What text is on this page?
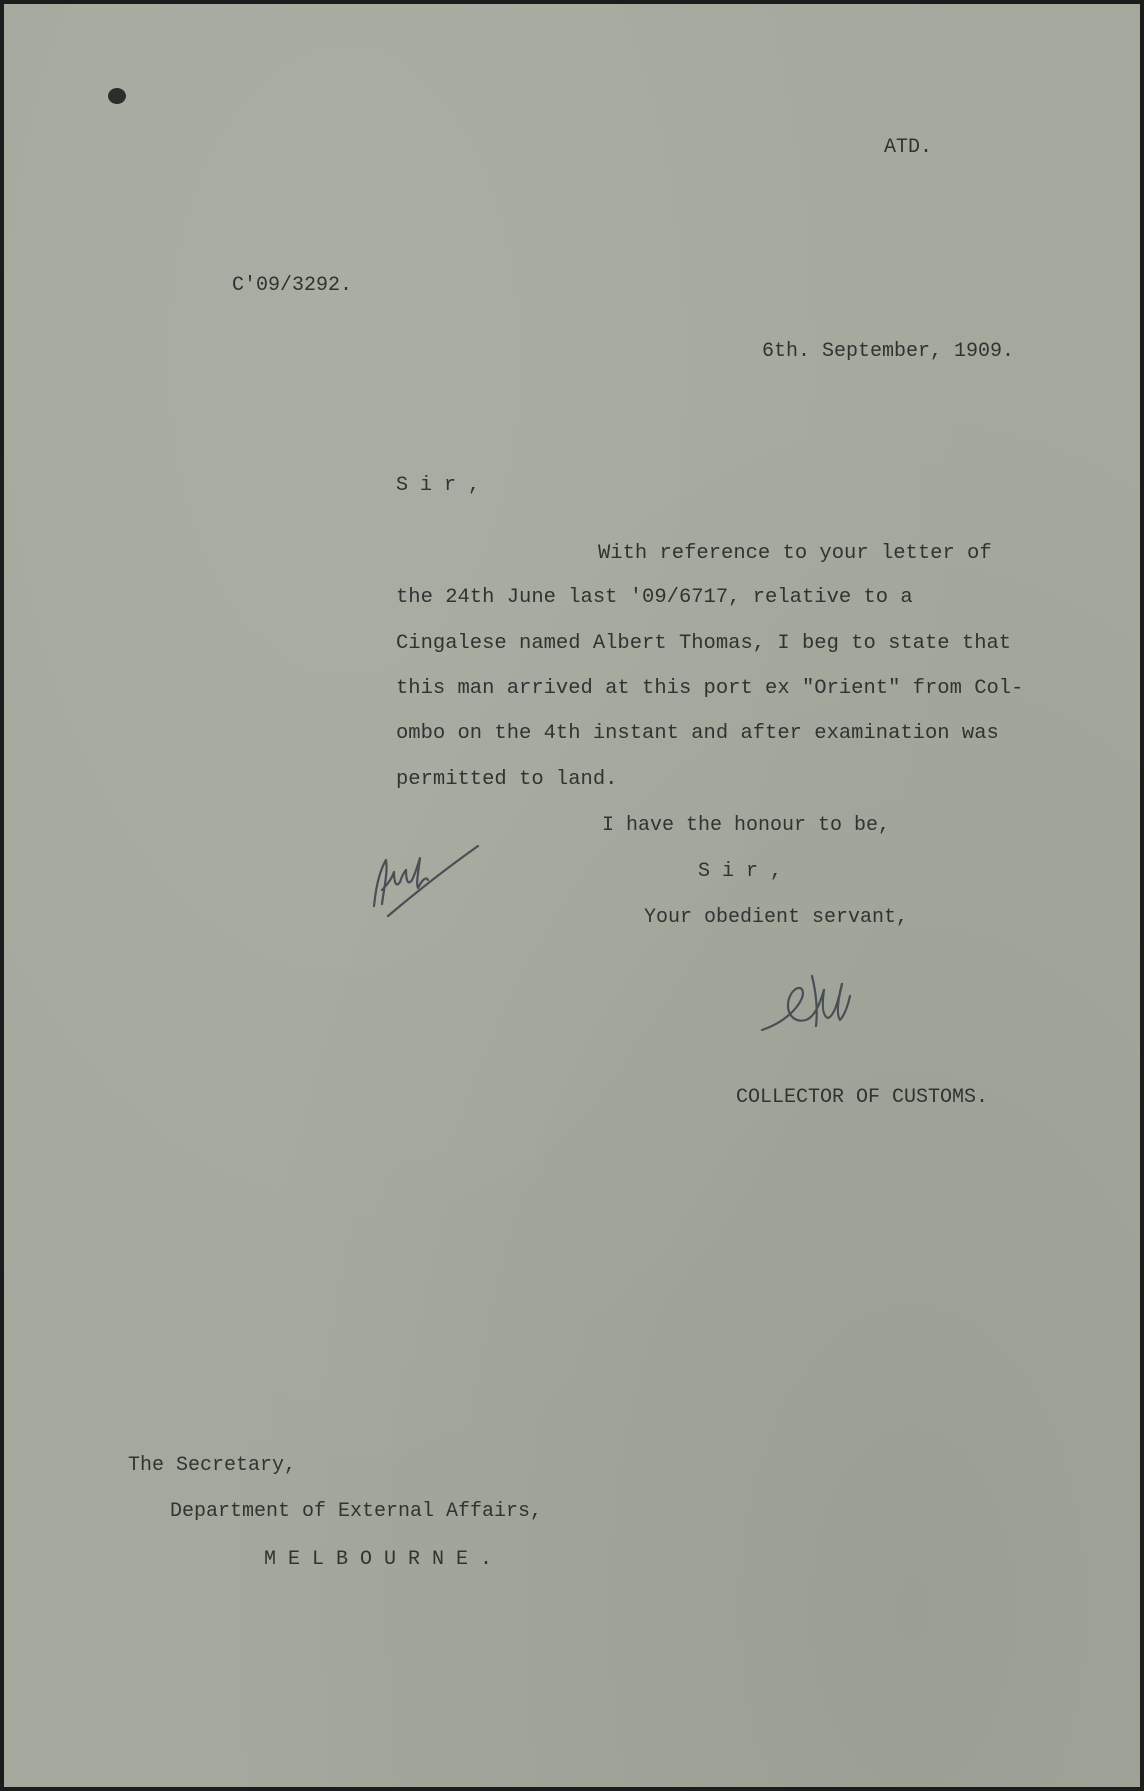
ATD.

C'09/3292.

6th. September, 1909.

S i r ,

With reference to your letter of

the 24th June last '09/6717, relative to a

Cingalese named Albert Thomas, I beg to state that

this man arrived at this port ex "Orient" from Col-

ombo on the 4th instant and after examination was

permitted to land.

I have the honour to be,

S i r ,

Your obedient servant,

COLLECTOR OF CUSTOMS.

The Secretary,

Department of External Affairs,

M E L B O U R N E .
